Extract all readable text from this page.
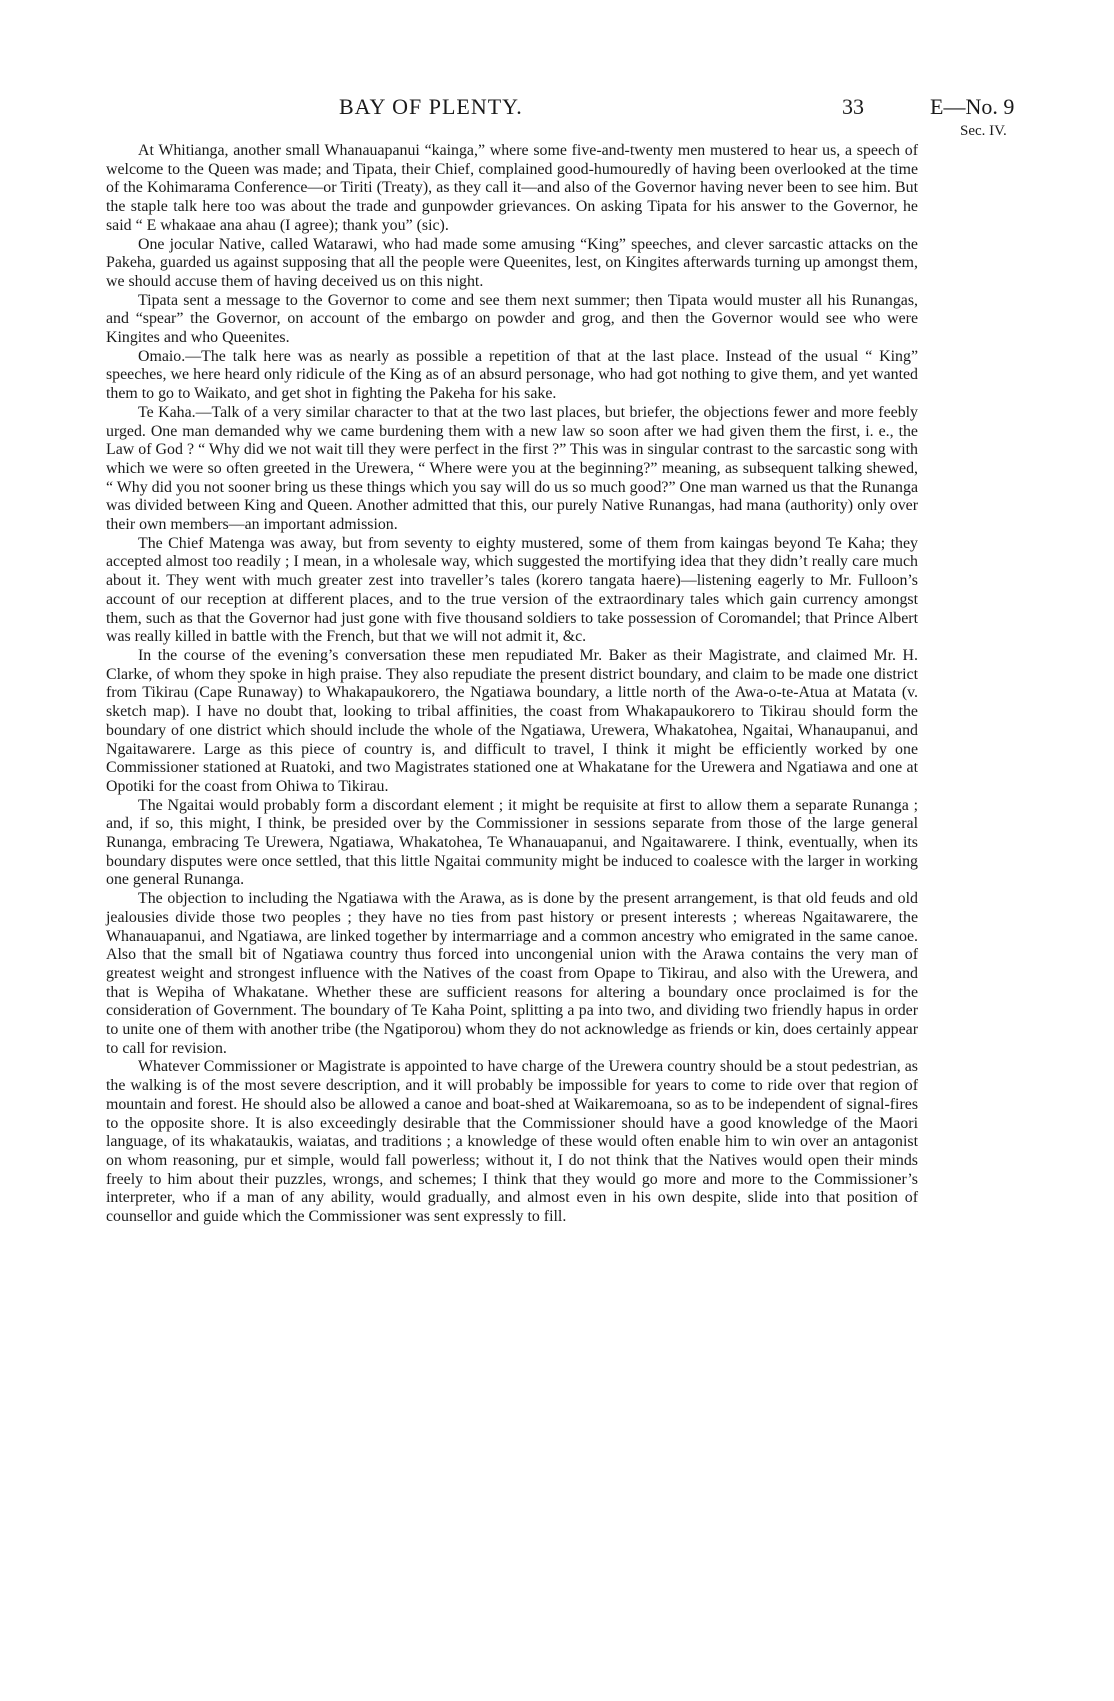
BAY OF PLENTY.	33	E—No. 9
Sec. IV.

At Whitianga, another small Whanauapanui “kainga,” where some five-and-twenty men mustered to hear us, a speech of welcome to the Queen was made; and Tipata, their Chief, complained good-humouredly of having been overlooked at the time of the Kohimarama Conference—or Tiriti (Treaty), as they call it—and also of the Governor having never been to see him. But the staple talk here too was about the trade and gunpowder grievances. On asking Tipata for his answer to the Governor, he said “ E whakaae ana ahau (I agree); thank you” (sic).

One jocular Native, called Watarawi, who had made some amusing “King” speeches, and clever sarcastic attacks on the Pakeha, guarded us against supposing that all the people were Queenites, lest, on Kingites afterwards turning up amongst them, we should accuse them of having deceived us on this night.

Tipata sent a message to the Governor to come and see them next summer; then Tipata would muster all his Runangas, and “spear” the Governor, on account of the embargo on powder and grog, and then the Governor would see who were Kingites and who Queenites.

Omaio.—The talk here was as nearly as possible a repetition of that at the last place. Instead of the usual “ King” speeches, we here heard only ridicule of the King as of an absurd personage, who had got nothing to give them, and yet wanted them to go to Waikato, and get shot in fighting the Pakeha for his sake.

Te Kaha.—Talk of a very similar character to that at the two last places, but briefer, the objections fewer and more feebly urged. One man demanded why we came burdening them with a new law so soon after we had given them the first, i. e., the Law of God ? “ Why did we not wait till they were perfect in the first ?” This was in singular contrast to the sarcastic song with which we were so often greeted in the Urewera, “ Where were you at the beginning?” meaning, as subsequent talking shewed, “ Why did you not sooner bring us these things which you say will do us so much good?” One man warned us that the Runanga was divided between King and Queen. Another admitted that this, our purely Native Runangas, had mana (authority) only over their own members—an important admission.

The Chief Matenga was away, but from seventy to eighty mustered, some of them from kaingas beyond Te Kaha; they accepted almost too readily ; I mean, in a wholesale way, which suggested the mortifying idea that they didn’t really care much about it. They went with much greater zest into traveller’s tales (korero tangata haere)—listening eagerly to Mr. Fulloon’s account of our reception at different places, and to the true version of the extraordinary tales which gain currency amongst them, such as that the Governor had just gone with five thousand soldiers to take possession of Coromandel; that Prince Albert was really killed in battle with the French, but that we will not admit it, &c.

In the course of the evening’s conversation these men repudiated Mr. Baker as their Magistrate, and claimed Mr. H. Clarke, of whom they spoke in high praise. They also repudiate the present district boundary, and claim to be made one district from Tikirau (Cape Runaway) to Whakapaukorero, the Ngatiawa boundary, a little north of the Awa-o-te-Atua at Matata (v. sketch map). I have no doubt that, looking to tribal affinities, the coast from Whakapaukorero to Tikirau should form the boundary of one district which should include the whole of the Ngatiawa, Urewera, Whakatohea, Ngaitai, Whanaupanui, and Ngaitawarere. Large as this piece of country is, and difficult to travel, I think it might be efficiently worked by one Commissioner stationed at Ruatoki, and two Magistrates stationed one at Whakatane for the Urewera and Ngatiawa and one at Opotiki for the coast from Ohiwa to Tikirau.

The Ngaitai would probably form a discordant element ; it might be requisite at first to allow them a separate Runanga ; and, if so, this might, I think, be presided over by the Commissioner in sessions separate from those of the large general Runanga, embracing Te Urewera, Ngatiawa, Whakatohea, Te Whanauapanui, and Ngaitawarere. I think, eventually, when its boundary disputes were once settled, that this little Ngaitai community might be induced to coalesce with the larger in working one general Runanga.

The objection to including the Ngatiawa with the Arawa, as is done by the present arrangement, is that old feuds and old jealousies divide those two peoples ; they have no ties from past history or present interests ; whereas Ngaitawarere, the Whanauapanui, and Ngatiawa, are linked together by intermarriage and a common ancestry who emigrated in the same canoe. Also that the small bit of Ngatiawa country thus forced into uncongenial union with the Arawa contains the very man of greatest weight and strongest influence with the Natives of the coast from Opape to Tikirau, and also with the Urewera, and that is Wepiha of Whakatane. Whether these are sufficient reasons for altering a boundary once proclaimed is for the consideration of Government. The boundary of Te Kaha Point, splitting a pa into two, and dividing two friendly hapus in order to unite one of them with another tribe (the Ngatiporou) whom they do not acknowledge as friends or kin, does certainly appear to call for revision.

Whatever Commissioner or Magistrate is appointed to have charge of the Urewera country should be a stout pedestrian, as the walking is of the most severe description, and it will probably be impossible for years to come to ride over that region of mountain and forest. He should also be allowed a canoe and boat-shed at Waikaremoana, so as to be independent of signal-fires to the opposite shore. It is also exceedingly desirable that the Commissioner should have a good knowledge of the Maori language, of its whakataukis, waiatas, and traditions ; a knowledge of these would often enable him to win over an antagonist on whom reasoning, pur et simple, would fall powerless; without it, I do not think that the Natives would open their minds freely to him about their puzzles, wrongs, and schemes; I think that they would go more and more to the Commissioner’s interpreter, who if a man of any ability, would gradually, and almost even in his own despite, slide into that position of counsellor and guide which the Commissioner was sent expressly to fill.
